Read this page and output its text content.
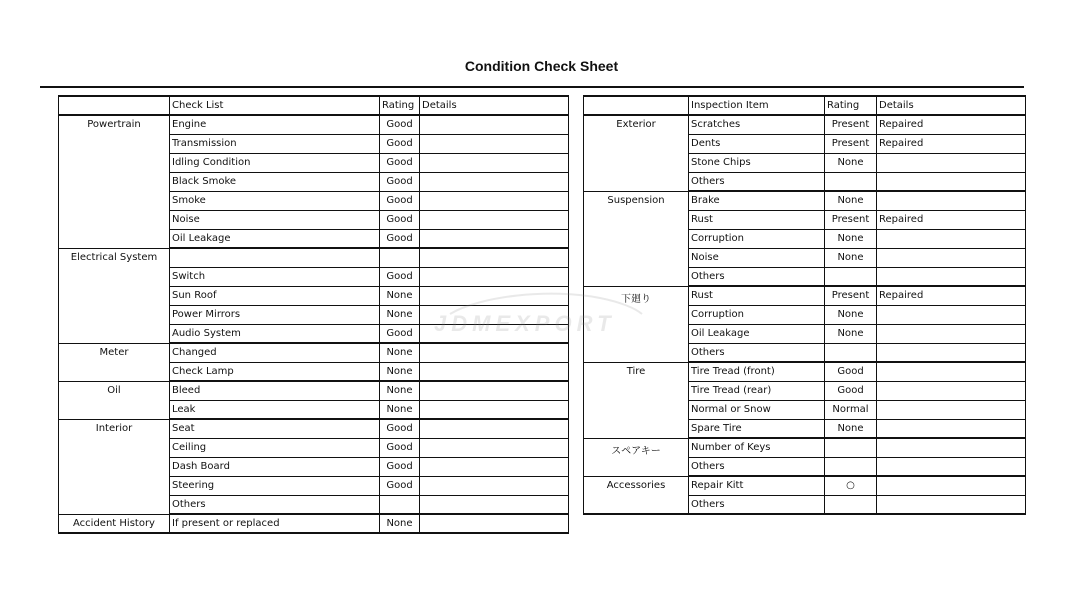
Condition Check Sheet
	Check List	Rating	Details
Powertrain	Engine	Good	
	Transmission	Good	
	Idling Condition	Good	
	Black Smoke	Good	
	Smoke	Good	
	Noise	Good	
	Oil Leakage	Good	
Electrical System			
	Switch	Good	
	Sun Roof	None	
	Power Mirrors	None	
	Audio System	Good	
Meter	Changed	None	
	Check Lamp	None	
Oil	Bleed	None	
	Leak	None	
Interior	Seat	Good	
	Ceiling	Good	
	Dash Board	Good	
	Steering	Good	
	Others		
Accident History	If present or replaced	None	
	Inspection Item	Rating	Details
Exterior	Scratches	Present	Repaired
	Dents	Present	Repaired
	Stone Chips	None	
	Others		
Suspension	Brake	None	
	Rust	Present	Repaired
	Corruption	None	
	Noise	None	
	Others		
下廻り	Rust	Present	Repaired
	Corruption	None	
	Oil Leakage	None	
	Others		
Tire	Tire Tread (front)	Good	
	Tire Tread (rear)	Good	
	Normal or Snow	Normal	
	Spare Tire	None	
スペアキー	Number of Keys		
	Others		
Accessories	Repair Kitt	○	
	Others		
JDMEXPORT
